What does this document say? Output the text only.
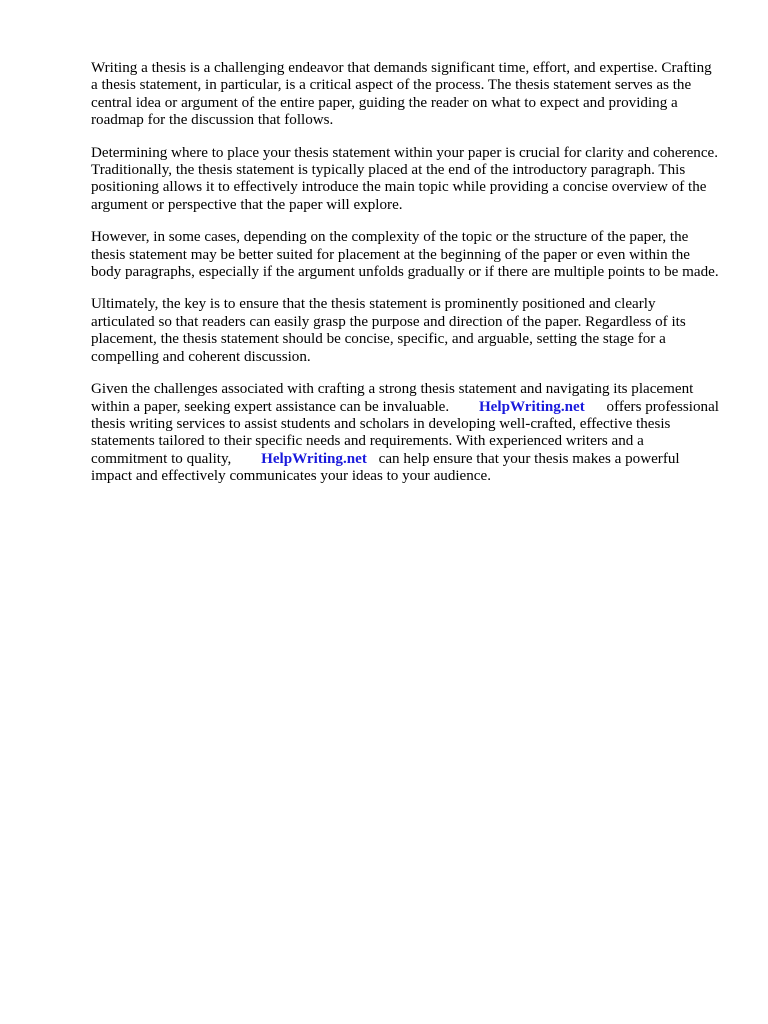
Writing a thesis is a challenging endeavor that demands significant time, effort, and expertise. Crafting a thesis statement, in particular, is a critical aspect of the process. The thesis statement serves as the central idea or argument of the entire paper, guiding the reader on what to expect and providing a roadmap for the discussion that follows.

Determining where to place your thesis statement within your paper is crucial for clarity and coherence. Traditionally, the thesis statement is typically placed at the end of the introductory paragraph. This positioning allows it to effectively introduce the main topic while providing a concise overview of the argument or perspective that the paper will explore.

However, in some cases, depending on the complexity of the topic or the structure of the paper, the thesis statement may be better suited for placement at the beginning of the paper or even within the body paragraphs, especially if the argument unfolds gradually or if there are multiple points to be made.

Ultimately, the key is to ensure that the thesis statement is prominently positioned and clearly articulated so that readers can easily grasp the purpose and direction of the paper. Regardless of its placement, the thesis statement should be concise, specific, and arguable, setting the stage for a compelling and coherent discussion.

Given the challenges associated with crafting a strong thesis statement and navigating its placement within a paper, seeking expert assistance can be invaluable. HelpWriting.net offers professional thesis writing services to assist students and scholars in developing well-crafted, effective thesis statements tailored to their specific needs and requirements. With experienced writers and a commitment to quality, HelpWriting.net can help ensure that your thesis makes a powerful impact and effectively communicates your ideas to your audience.
